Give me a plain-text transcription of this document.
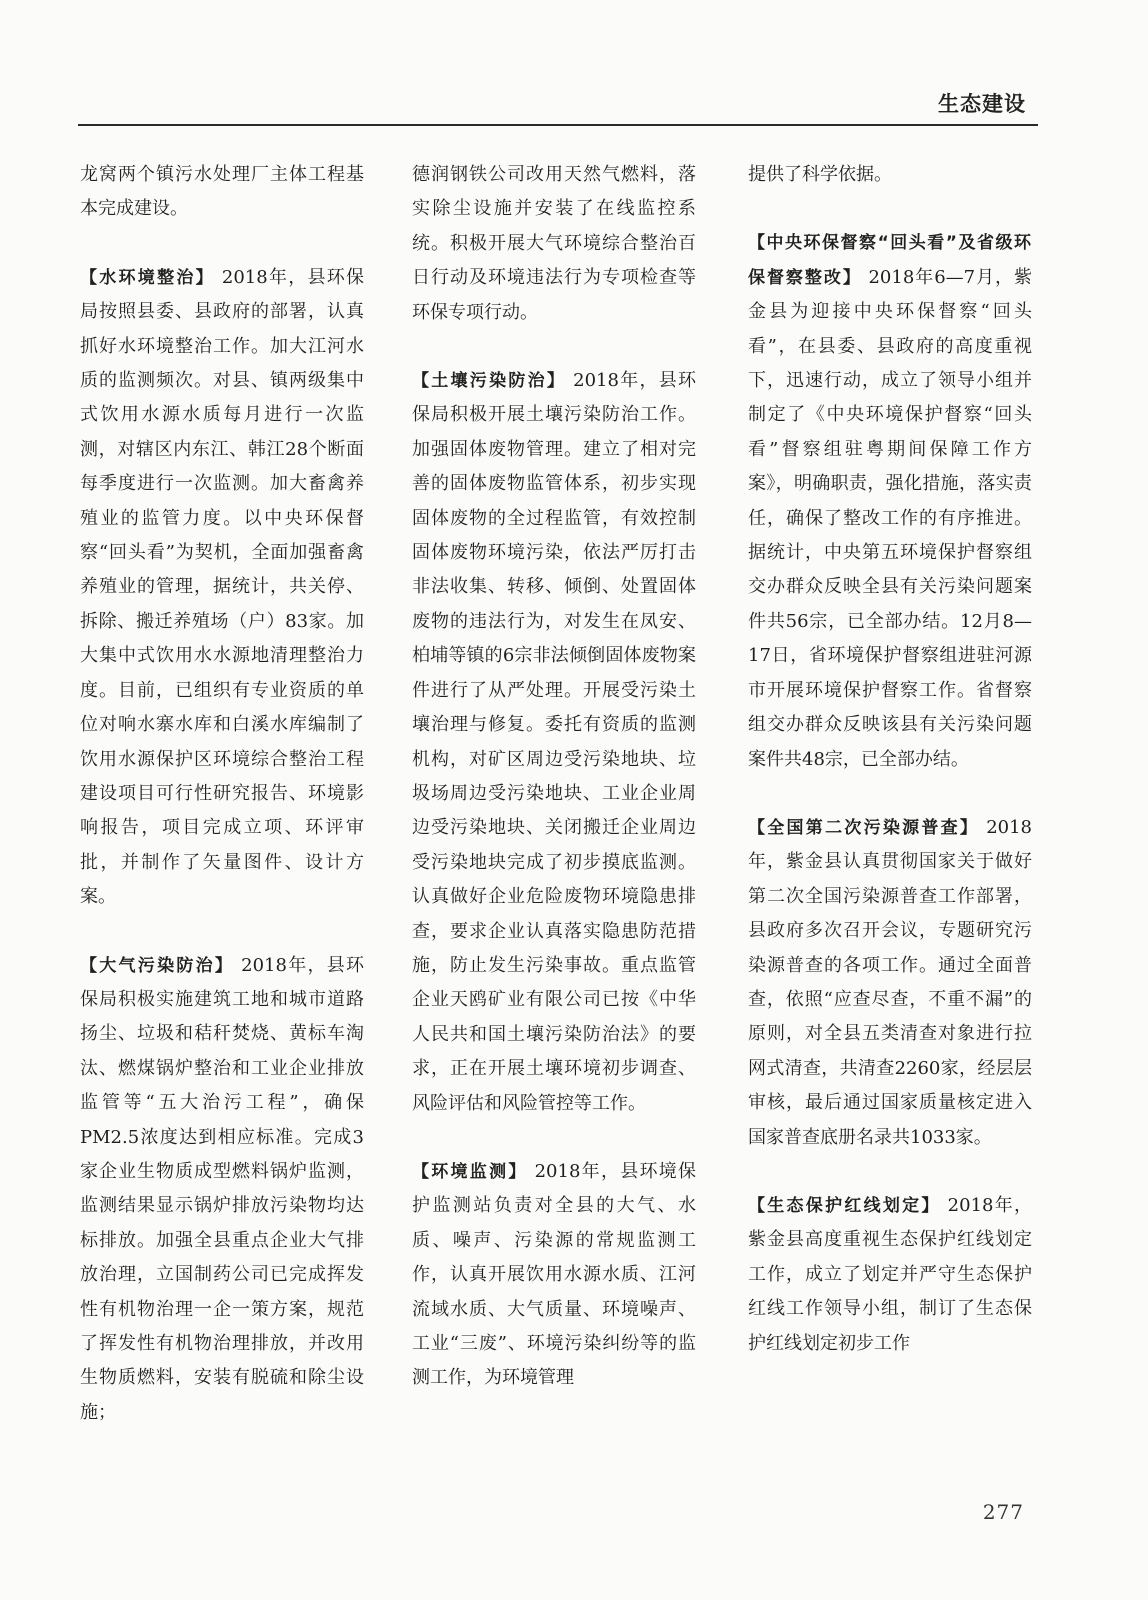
生态建设

龙窝两个镇污水处理厂主体工程基本完成建设。

【水环境整治】 2018年，县环保局按照县委、县政府的部署，认真抓好水环境整治工作。加大江河水质的监测频次。对县、镇两级集中式饮用水源水质每月进行一次监测，对辖区内东江、韩江28个断面每季度进行一次监测。加大畜禽养殖业的监管力度。以中央环保督察“回头看”为契机，全面加强畜禽养殖业的管理，据统计，共关停、拆除、搬迁养殖场（户）83家。加大集中式饮用水水源地清理整治力度。目前，已组织有专业资质的单位对响水寨水库和白溪水库编制了饮用水源保护区环境综合整治工程建设项目可行性研究报告、环境影响报告，项目完成立项、环评审批，并制作了矢量图件、设计方案。

【大气污染防治】 2018年，县环保局积极实施建筑工地和城市道路扬尘、垃圾和秸秆焚烧、黄标车淘汰、燃煤锅炉整治和工业企业排放监管等“五大治污工程”，确保PM2.5浓度达到相应标准。完成3家企业生物质成型燃料锅炉监测，监测结果显示锅炉排放污染物均达标排放。加强全县重点企业大气排放治理，立国制药公司已完成挥发性有机物治理一企一策方案，规范了挥发性有机物治理排放，并改用生物质燃料，安装有脱硫和除尘设施；

德润钢铁公司改用天然气燃料，落实除尘设施并安装了在线监控系统。积极开展大气环境综合整治百日行动及环境违法行为专项检查等环保专项行动。

【土壤污染防治】 2018年，县环保局积极开展土壤污染防治工作。加强固体废物管理。建立了相对完善的固体废物监管体系，初步实现固体废物的全过程监管，有效控制固体废物环境污染，依法严厉打击非法收集、转移、倾倒、处置固体废物的违法行为，对发生在凤安、柏埔等镇的6宗非法倾倒固体废物案件进行了从严处理。开展受污染土壤治理与修复。委托有资质的监测机构，对矿区周边受污染地块、垃圾场周边受污染地块、工业企业周边受污染地块、关闭搬迁企业周边受污染地块完成了初步摸底监测。认真做好企业危险废物环境隐患排查，要求企业认真落实隐患防范措施，防止发生污染事故。重点监管企业天鸥矿业有限公司已按《中华人民共和国土壤污染防治法》的要求，正在开展土壤环境初步调查、风险评估和风险管控等工作。

【环境监测】 2018年，县环境保护监测站负责对全县的大气、水质、噪声、污染源的常规监测工作，认真开展饮用水源水质、江河流域水质、大气质量、环境噪声、工业“三废”、环境污染纠纷等的监测工作，为环境管理

提供了科学依据。

【中央环保督察“回头看”及省级环保督察整改】 2018年6—7月，紫金县为迎接中央环保督察“回头看”，在县委、县政府的高度重视下，迅速行动，成立了领导小组并制定了《中央环境保护督察“回头看”督察组驻粤期间保障工作方案》，明确职责，强化措施，落实责任，确保了整改工作的有序推进。据统计，中央第五环境保护督察组交办群众反映全县有关污染问题案件共56宗，已全部办结。12月8—17日，省环境保护督察组进驻河源市开展环境保护督察工作。省督察组交办群众反映该县有关污染问题案件共48宗，已全部办结。

【全国第二次污染源普查】 2018年，紫金县认真贯彻国家关于做好第二次全国污染源普查工作部署，县政府多次召开会议，专题研究污染源普查的各项工作。通过全面普查，依照“应查尽查，不重不漏”的原则，对全县五类清查对象进行拉网式清查，共清查2260家，经层层审核，最后通过国家质量核定进入国家普查底册名录共1033家。

【生态保护红线划定】 2018年，紫金县高度重视生态保护红线划定工作，成立了划定并严守生态保护红线工作领导小组，制订了生态保护红线划定初步工作

277
